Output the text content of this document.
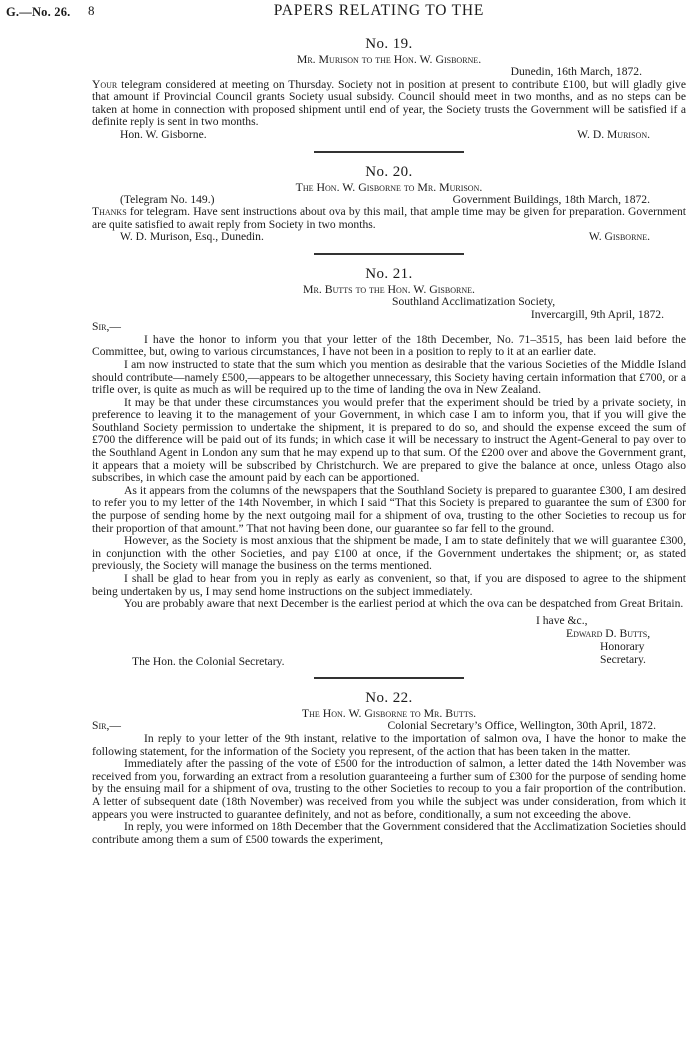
G.—No. 26. 8	PAPERS RELATING TO THE
No. 19.
Mr. Murison to the Hon. W. Gisborne.
Dunedin, 16th March, 1872.

Your telegram considered at meeting on Thursday. Society not in position at present to contribute £100, but will gladly give that amount if Provincial Council grants Society usual subsidy. Council should meet in two months, and as no steps can be taken at home in connection with proposed shipment until end of year, the Society trusts the Government will be satisfied if a definite reply is sent in two months.

Hon. W. Gisborne.	W. D. Murison.
No. 20.
The Hon. W. Gisborne to Mr. Murison.
(Telegram No. 149.)	Government Buildings, 18th March, 1872.

Thanks for telegram. Have sent instructions about ova by this mail, that ample time may be given for preparation. Government are quite satisfied to await reply from Society in two months.

W. D. Murison, Esq., Dunedin.	W. Gisborne.
No. 21.
Mr. Butts to the Hon. W. Gisborne.
Southland Acclimatization Society,
Invercargill, 9th April, 1872.
Sir,—

I have the honor to inform you that your letter of the 18th December, No. 71–3515, has been laid before the Committee, but, owing to various circumstances, I have not been in a position to reply to it at an earlier date.

I am now instructed to state that the sum which you mention as desirable that the various Societies of the Middle Island should contribute—namely £500,—appears to be altogether unnecessary, this Society having certain information that £700, or a trifle over, is quite as much as will be required up to the time of landing the ova in New Zealand.

It may be that under these circumstances you would prefer that the experiment should be tried by a private society, in preference to leaving it to the management of your Government, in which case I am to inform you, that if you will give the Southland Society permission to undertake the shipment, it is prepared to do so, and should the expense exceed the sum of £700 the difference will be paid out of its funds; in which case it will be necessary to instruct the Agent-General to pay over to the Southland Agent in London any sum that he may expend up to that sum. Of the £200 over and above the Government grant, it appears that a moiety will be subscribed by Christchurch. We are prepared to give the balance at once, unless Otago also subscribes, in which case the amount paid by each can be apportioned.

As it appears from the columns of the newspapers that the Southland Society is prepared to guarantee £300, I am desired to refer you to my letter of the 14th November, in which I said “That this Society is prepared to guarantee the sum of £300 for the purpose of sending home by the next outgoing mail for a shipment of ova, trusting to the other Societies to recoup us for their proportion of that amount.” That not having been done, our guarantee so far fell to the ground.

However, as the Society is most anxious that the shipment be made, I am to state definitely that we will guarantee £300, in conjunction with the other Societies, and pay £100 at once, if the Government undertakes the shipment; or, as stated previously, the Society will manage the business on the terms mentioned.

I shall be glad to hear from you in reply as early as convenient, so that, if you are disposed to agree to the shipment being undertaken by us, I may send home instructions on the subject immediately.

You are probably aware that next December is the earliest period at which the ova can be despatched from Great Britain.

I have &c.,
Edward D. Butts,
Honorary Secretary.
The Hon. the Colonial Secretary.
No. 22.
The Hon. W. Gisborne to Mr. Butts.
Sir,—	Colonial Secretary’s Office, Wellington, 30th April, 1872.

In reply to your letter of the 9th instant, relative to the importation of salmon ova, I have the honor to make the following statement, for the information of the Society you represent, of the action that has been taken in the matter.

Immediately after the passing of the vote of £500 for the introduction of salmon, a letter dated the 14th November was received from you, forwarding an extract from a resolution guaranteeing a further sum of £300 for the purpose of sending home by the ensuing mail for a shipment of ova, trusting to the other Societies to recoup to you a fair proportion of the contribution. A letter of subsequent date (18th November) was received from you while the subject was under consideration, from which it appears you were instructed to guarantee definitely, and not as before, conditionally, a sum not exceeding the above.

In reply, you were informed on 18th December that the Government considered that the Acclimatization Societies should contribute among them a sum of £500 towards the experiment,
